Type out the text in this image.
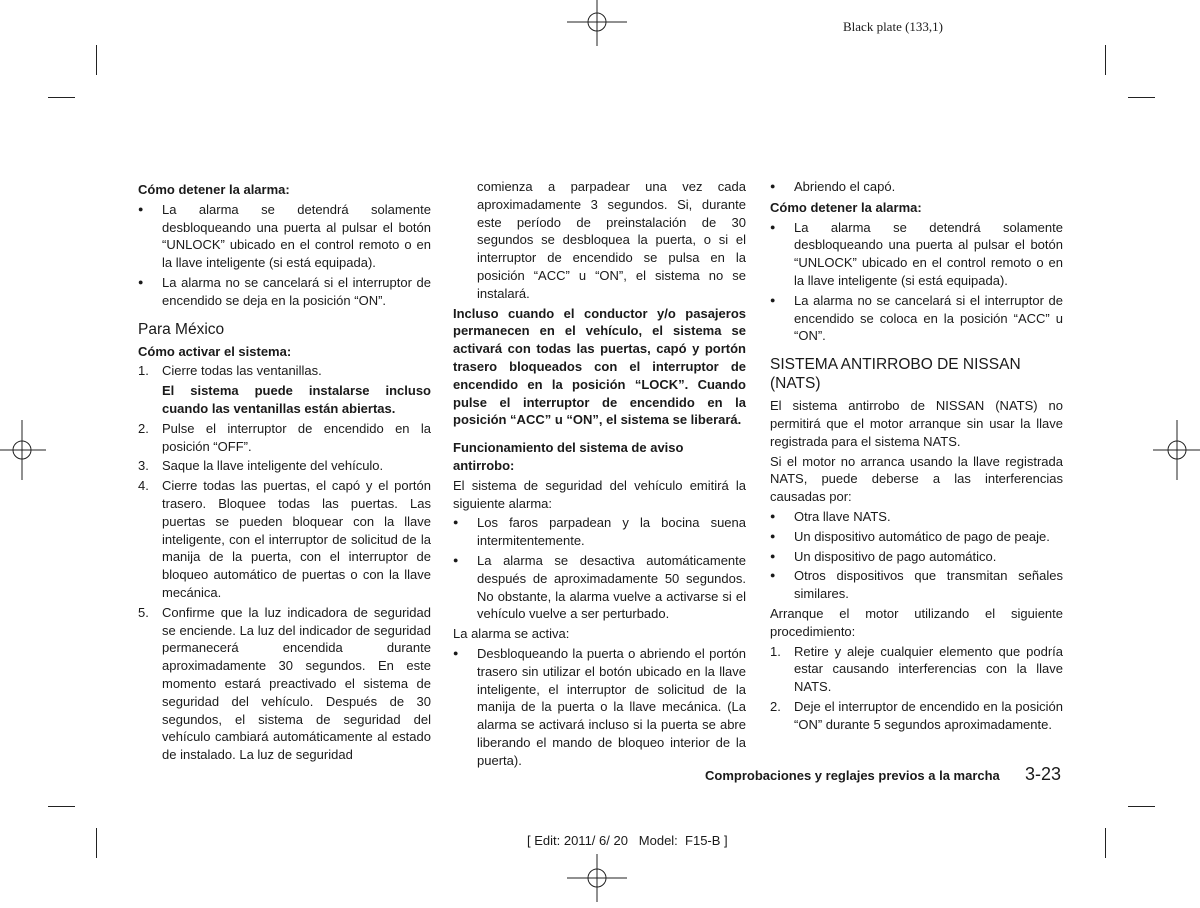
Black plate (133,1)
Cómo detener la alarma:
● La alarma se detendrá solamente desbloqueando una puerta al pulsar el botón “UNLOCK” ubicado en el control remoto o en la llave inteligente (si está equipada).
● La alarma no se cancelará si el interruptor de encendido se deja en la posición “ON”.
Para México
Cómo activar el sistema:
1. Cierre todas las ventanillas.
El sistema puede instalarse incluso cuando las ventanillas están abiertas.
2. Pulse el interruptor de encendido en la posición “OFF”.
3. Saque la llave inteligente del vehículo.
4. Cierre todas las puertas, el capó y el portón trasero. Bloquee todas las puertas. Las puertas se pueden bloquear con la llave inteligente, con el interruptor de solicitud de la manija de la puerta, con el interruptor de bloqueo automático de puertas o con la llave mecánica.
5. Confirme que la luz indicadora de seguridad se enciende. La luz del indicador de seguridad permanecerá encendida durante aproximadamente 30 segundos. En este momento estará preactivado el sistema de seguridad del vehículo. Después de 30 segundos, el sistema de seguridad del vehículo cambiará automáticamente al estado de instalado. La luz de seguridad
comienza a parpadear una vez cada aproximadamente 3 segundos. Si, durante este período de preinstalación de 30 segundos se desbloquea la puerta, o si el interruptor de encendido se pulsa en la posición “ACC” u “ON”, el sistema no se instalará.
Incluso cuando el conductor y/o pasajeros permanecen en el vehículo, el sistema se activará con todas las puertas, capó y portón trasero bloqueados con el interruptor de encendido en la posición “LOCK”. Cuando pulse el interruptor de encendido en la posición “ACC” u “ON”, el sistema se liberará.
Funcionamiento del sistema de aviso antirrobo:
El sistema de seguridad del vehículo emitirá la siguiente alarma:
● Los faros parpadean y la bocina suena intermitentemente.
● La alarma se desactiva automáticamente después de aproximadamente 50 segundos. No obstante, la alarma vuelve a activarse si el vehículo vuelve a ser perturbado.
La alarma se activa:
● Desbloqueando la puerta o abriendo el portón trasero sin utilizar el botón ubicado en la llave inteligente, el interruptor de solicitud de la manija de la puerta o la llave mecánica. (La alarma se activará incluso si la puerta se abre liberando el mando de bloqueo interior de la puerta).
● Abriendo el capó.
Cómo detener la alarma:
● La alarma se detendrá solamente desbloqueando una puerta al pulsar el botón “UNLOCK” ubicado en el control remoto o en la llave inteligente (si está equipada).
● La alarma no se cancelará si el interruptor de encendido se coloca en la posición “ACC” u “ON”.
SISTEMA ANTIRROBO DE NISSAN (NATS)
El sistema antirrobo de NISSAN (NATS) no permitirá que el motor arranque sin usar la llave registrada para el sistema NATS.
Si el motor no arranca usando la llave registrada NATS, puede deberse a las interferencias causadas por:
● Otra llave NATS.
● Un dispositivo automático de pago de peaje.
● Un dispositivo de pago automático.
● Otros dispositivos que transmitan señales similares.
Arranque el motor utilizando el siguiente procedimiento:
1. Retire y aleje cualquier elemento que podría estar causando interferencias con la llave NATS.
2. Deje el interruptor de encendido en la posición “ON” durante 5 segundos aproximadamente.
Comprobaciones y reglajes previos a la marcha 3-23
[ Edit: 2011/ 6/ 20   Model:  F15-B ]
